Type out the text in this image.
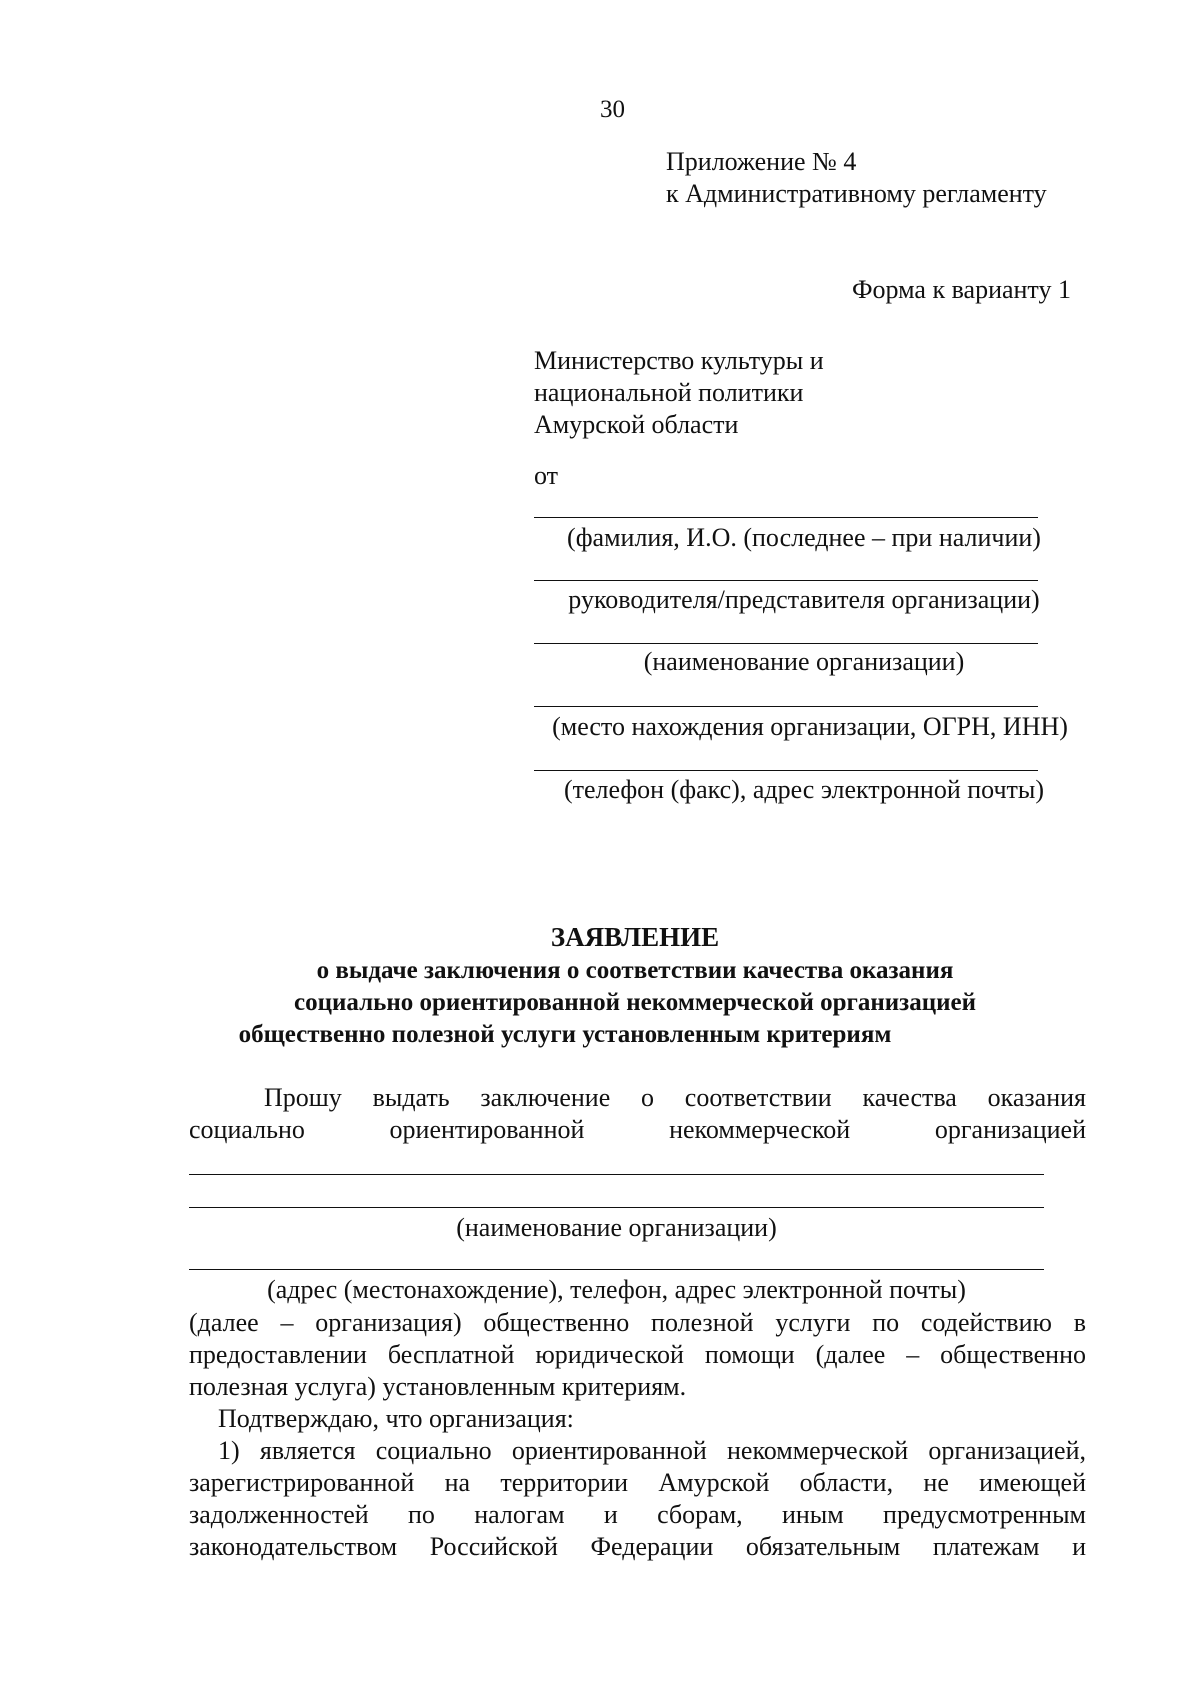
30
Приложение № 4
к Административному регламенту
Форма к варианту 1
Министерство культуры и
национальной политики
Амурской области
от
(фамилия, И.О. (последнее – при наличии)
руководителя/представителя организации)
(наименование организации)
(место нахождения организации, ОГРН, ИНН)
(телефон (факс), адрес электронной почты)
ЗАЯВЛЕНИЕ
о выдаче заключения о соответствии качества оказания
социально ориентированной некоммерческой организацией
общественно полезной услуги установленным критериям
Прошу выдать заключение о соответствии качества оказания
социально ориентированной некоммерческой организацией
(наименование организации)
(адрес (местонахождение), телефон, адрес электронной почты)
(далее – организация) общественно полезной услуги по содействию в
предоставлении бесплатной юридической помощи (далее – общественно
полезная услуга) установленным критериям.
Подтверждаю, что организация:
1) является социально ориентированной некоммерческой организацией,
зарегистрированной на территории Амурской области, не имеющей
задолженностей по налогам и сборам, иным предусмотренным
законодательством Российской Федерации обязательным платежам и
